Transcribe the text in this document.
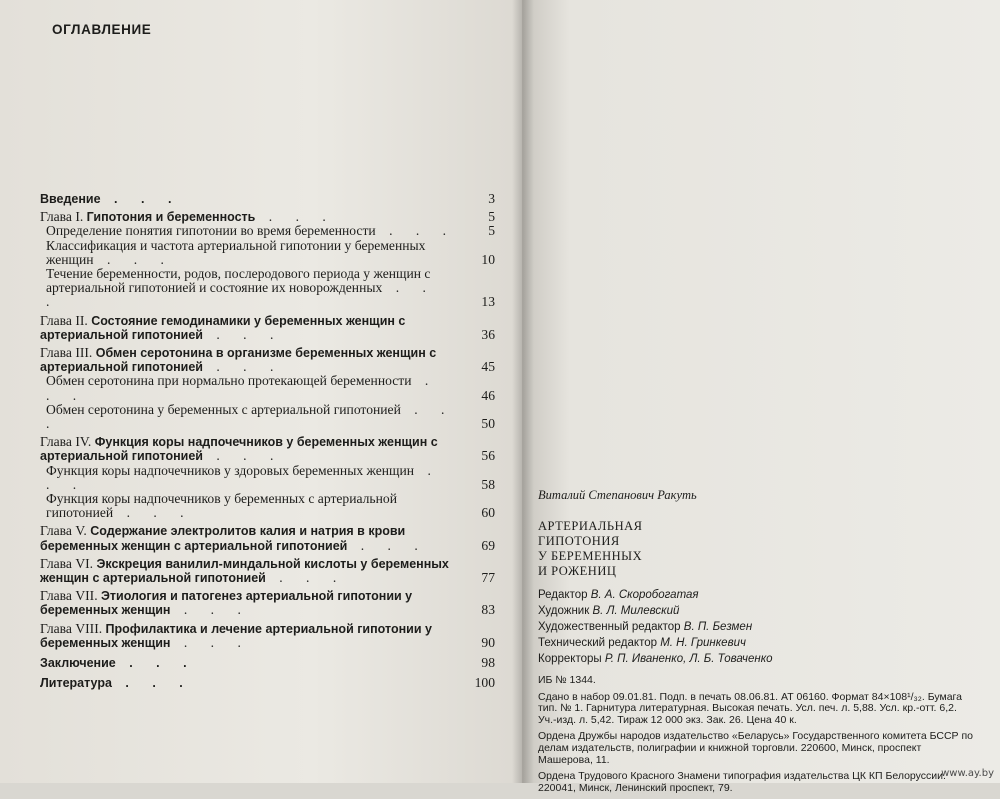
ОГЛАВЛЕНИЕ
Введение . . .	3
Глава I. Гипотония и беременность . . .	5
Определение понятия гипотонии во время беременности . . . 5
Классификация и частота артериальной гипотонии у беременных женщин . . .	10
Течение беременности, родов, послеродового периода у женщин с артериальной гипотонией и состояние их новорожденных . . .	13
Глава II. Состояние гемодинамики у беременных женщин с артериальной гипотонией . . .	36
Глава III. Обмен серотонина в организме беременных женщин с артериальной гипотонией . . .	45
Обмен серотонина при нормально протекающей беременности . . .	46
Обмен серотонина у беременных с артериальной гипотонией . . .	50
Глава IV. Функция коры надпочечников у беременных женщин с артериальной гипотонией . . .	56
Функция коры надпочечников у здоровых беременных женщин . . .	58
Функция коры надпочечников у беременных с артериальной гипотонией . . .	60
Глава V. Содержание электролитов калия и натрия в крови беременных женщин с артериальной гипотонией . . .	69
Глава VI. Экскреция ванилил-миндальной кислоты у беременных женщин с артериальной гипотонией . . .	77
Глава VII. Этиология и патогенез артериальной гипотонии у беременных женщин . . .	83
Глава VIII. Профилактика и лечение артериальной гипотонии у беременных женщин . . .	90
Заключение . . .	98
Литература . . .	100
Виталий Степанович Ракуть
АРТЕРИАЛЬНАЯ
ГИПОТОНИЯ
У БЕРЕМЕННЫХ
И РОЖЕНИЦ
Редактор В. А. Скоробогатая
Художник В. Л. Милевский
Художественный редактор В. П. Безмен
Технический редактор М. Н. Гринкевич
Корректоры Р. П. Иваненко, Л. Б. Товаченко

ИБ № 1344.

Сдано в набор 09.01.81. Подп. в печать 08.06.81. АТ 06160. Формат 84×108¹/₃₂. Бумага тип. № 1. Гарнитура литературная. Высокая печать. Усл. печ. л. 5,88. Усл. кр.-отт. 6,2. Уч.-изд. л. 5,42. Тираж 12 000 экз. Зак. 26. Цена 40 к.

Ордена Дружбы народов издательство «Беларусь» Государственного комитета БССР по делам издательств, полиграфии и книжной торговли. 220600, Минск, проспект Машерова, 11.

Ордена Трудового Красного Знамени типография издательства ЦК КП Белоруссии. 220041, Минск, Ленинский проспект, 79.

www.ay.by
